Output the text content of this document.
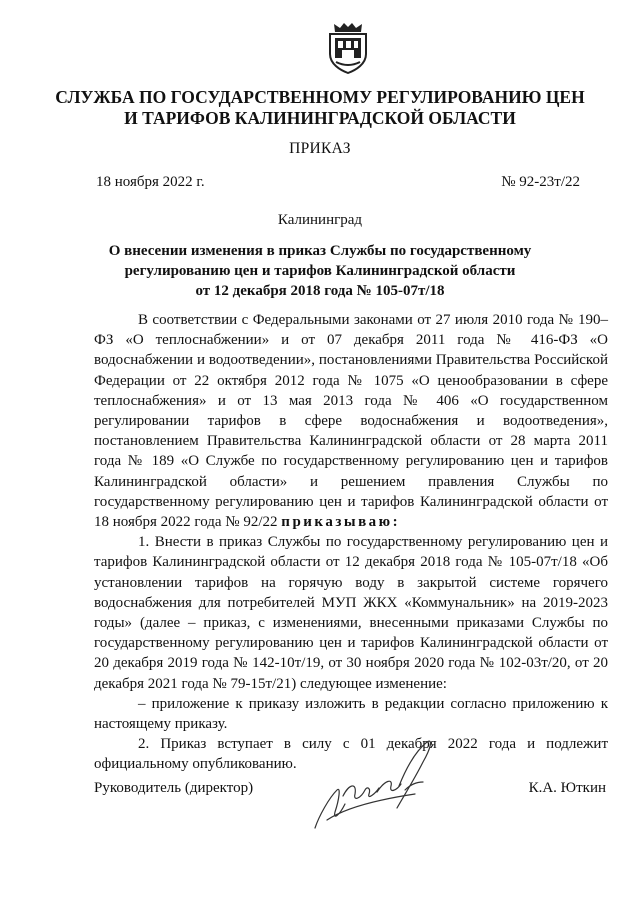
СЛУЖБА ПО ГОСУДАРСТВЕННОМУ РЕГУЛИРОВАНИЮ ЦЕН
И ТАРИФОВ КАЛИНИНГРАДСКОЙ ОБЛАСТИ
ПРИКАЗ
18 ноября 2022 г.	№ 92-23т/22
Калининград
О внесении изменения в приказ Службы по государственному
регулированию цен и тарифов Калининградской области
от 12 декабря 2018 года № 105-07т/18

В соответствии с Федеральными законами от 27 июля 2010 года № 190–ФЗ «О теплоснабжении» и от 07 декабря 2011 года № 416-ФЗ «О водоснабжении и водоотведении», постановлениями Правительства Российской Федерации от 22 октября 2012 года № 1075 «О ценообразовании в сфере теплоснабжения» и от 13 мая 2013 года № 406 «О государственном регулировании тарифов в сфере водоснабжения и водоотведения», постановлением Правительства Калининградской области от 28 марта 2011 года № 189 «О Службе по государственному регулированию цен и тарифов Калининградской области» и решением правления Службы по государственному регулированию цен и тарифов Калининградской области от 18 ноября 2022 года № 92/22 приказываю:

1. Внести в приказ Службы по государственному регулированию цен и тарифов Калининградской области от 12 декабря 2018 года № 105-07т/18 «Об установлении тарифов на горячую воду в закрытой системе горячего водоснабжения для потребителей МУП ЖКХ «Коммунальник» на 2019-2023 годы» (далее – приказ, с изменениями, внесенными приказами Службы по государственному регулированию цен и тарифов Калининградской области от 20 декабря 2019 года № 142-10т/19, от 30 ноября 2020 года № 102-03т/20, от 20 декабря 2021 года № 79-15т/21) следующее изменение:

– приложение к приказу изложить в редакции согласно приложению к настоящему приказу.

2. Приказ вступает в силу с 01 декабря 2022 года и подлежит официальному опубликованию.

Руководитель (директор)	К.А. Юткин
